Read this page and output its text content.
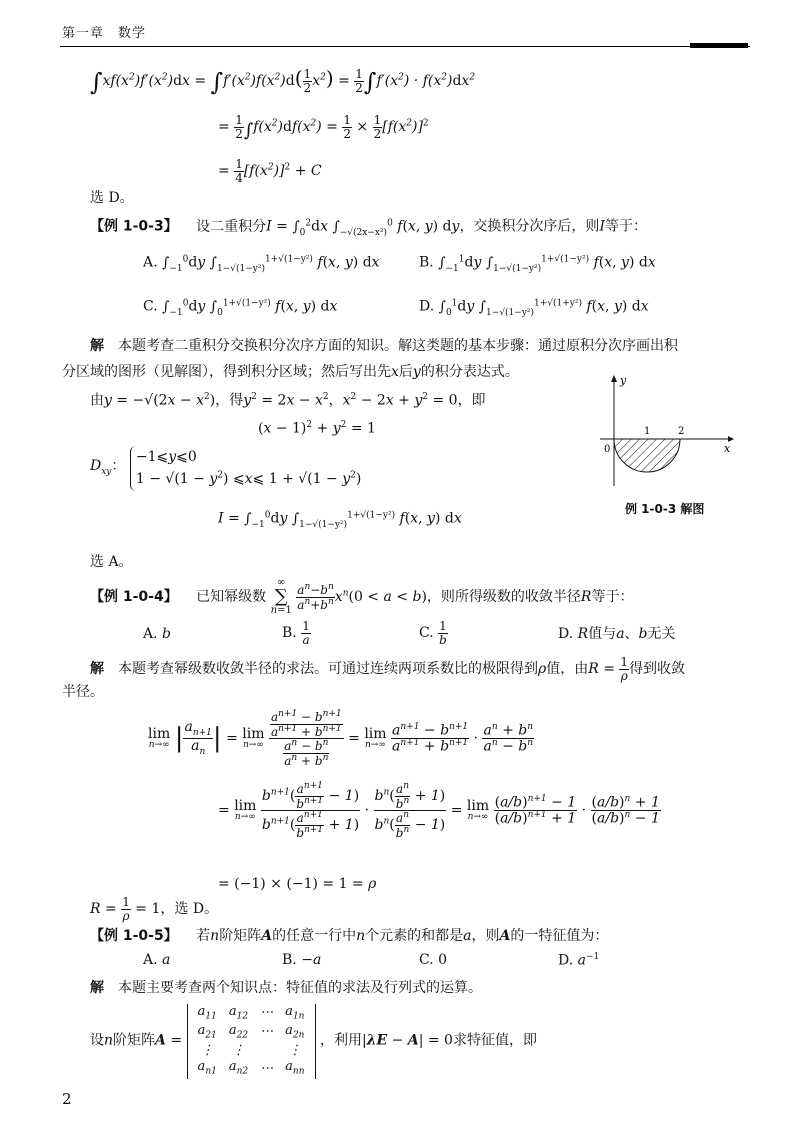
第一章　数学
$\int xf(x^2)f'(x^2)dx = \int f'(x^2)f(x^2)d( \frac{1}{2} x^2) = \frac{1}{2} \int f'(x^2) \cdot f(x^2)dx^2$
= $\frac{1}{2} \int f(x^2)df(x^2) = \frac{1}{2} \times \frac{1}{2} [f(x^2)]^2$
= $\frac{1}{4} [f(x^2)]^2 + C$
选 D。
【例 1-0-3】 设二重积分$I = \int_0^2dx$ $\int_{-√(2x-x^2)}^0$ f(x, y) dy，交换积分次序后，则I等于：
A. $\int_{-1}^0dy$ $\int_{1-√(1-y^2)}^{1+√(1-y^2)}$ f(x, y) dx	B. $\int_{-1}^1dy$ $\int_{1-√(1-y^2)}^{1+√(1-y^2)}$ f(x, y) dx
C. $\int_{-1}^0dy$ $\int_0^{1+√(1-y^2)}$ f(x, y) dx	D. $\int_0^1dy$ $\int_{1-√(1-y^2)}^{1+√(1+y^2)}$ f(x, y) dx
解 本题考查二重积分交换积分次序方面的知识。解这类题的基本步骤：通过原积分次序画出积
分区域的图形（见解图），得到积分区域；然后写出先x后y的积分表达式。
由$y = -√(2x - x^2)$，得$y^2 = 2x - x^2$，$x^2 - 2x + y^2 = 0$，即
$(x - 1)^2 + y^2 = 1$
$D_{xy}$：
−1⩽y⩽0
$1 - √(1 - y^2)$ ⩽x⩽ $1 + √(1 - y^2)$
$I = \int_{-1}^0dy$ $\int_{1-√(1-y^2)}^{1+√(1-y^2)}$ f(x, y) dx
选 A。
y
x
0
1	2
例 1-0-3 解图
【例 1-0-4】 已知幂级数
∞
∑
n=1
$\frac{a^n-b^n}{a^n+b^n} x^n(0 < a < b)$，则所得级数的收敛半径R等于：
A. b	B. $\frac{1}{a}$	C. $\frac{1}{b}$	D. R值与a、b无关
解 本题考查幂级数收敛半径的求法。可通过连续两项系数比的极限得到ρ值，由$R = \frac{1}{\rho}$ 得到收敛
半径。
lim
n→∞ | $\frac{a_{n+1}}{a_n}$ | = lim
n→∞
$\frac{\frac{a^{n+1} - b^{n+1}}{a^{n+1} + b^{n+1}}}{\frac{a^n - b^n}{a^n + b^n}} = \lim$
n→∞
$\frac{a^{n+1} - b^{n+1}}{a^{n+1} + b^{n+1}} \cdot \frac{a^n + b^n}{a^n - b^n}$
= lim
n→∞
$\frac{b^{n+1}( \frac{a^{n+1}}{b^{n+1}} - 1)}{b^{n+1}( \frac{a^{n+1}}{b^{n+1}} + 1)} \cdot \frac{b^n( \frac{a^n}{b^n} + 1)}{b^n( \frac{a^n}{b^n} - 1)} = \lim$
n→∞
$\frac{(a/b)^{n+1} - 1}{(a/b)^{n+1} + 1} \cdot \frac{(a/b)^n + 1}{(a/b)^n - 1}$
= (−1) × (−1) = 1 = ρ
$R = \frac{1}{\rho} = 1$，选 D。
【例 1-0-5】 若n阶矩阵A的任意一行中n个元素的和都是a，则A的一特征值为：
A. a	B. −a	C. 0	D. $a^{-1}$
解 本题主要考查两个知识点：特征值的求法及行列式的运算。
设n阶矩阵A =
$a_{11}$	$a_{12}$	⋯	$a_{1n}$
$a_{21}$	$a_{22}$	⋯	$a_{2n}$
⋮	⋮		⋮
$a_{n1}$	$a_{n2}$	⋯	$a_{nn}$
，利用|λE − A| = 0求特征值，即
2
